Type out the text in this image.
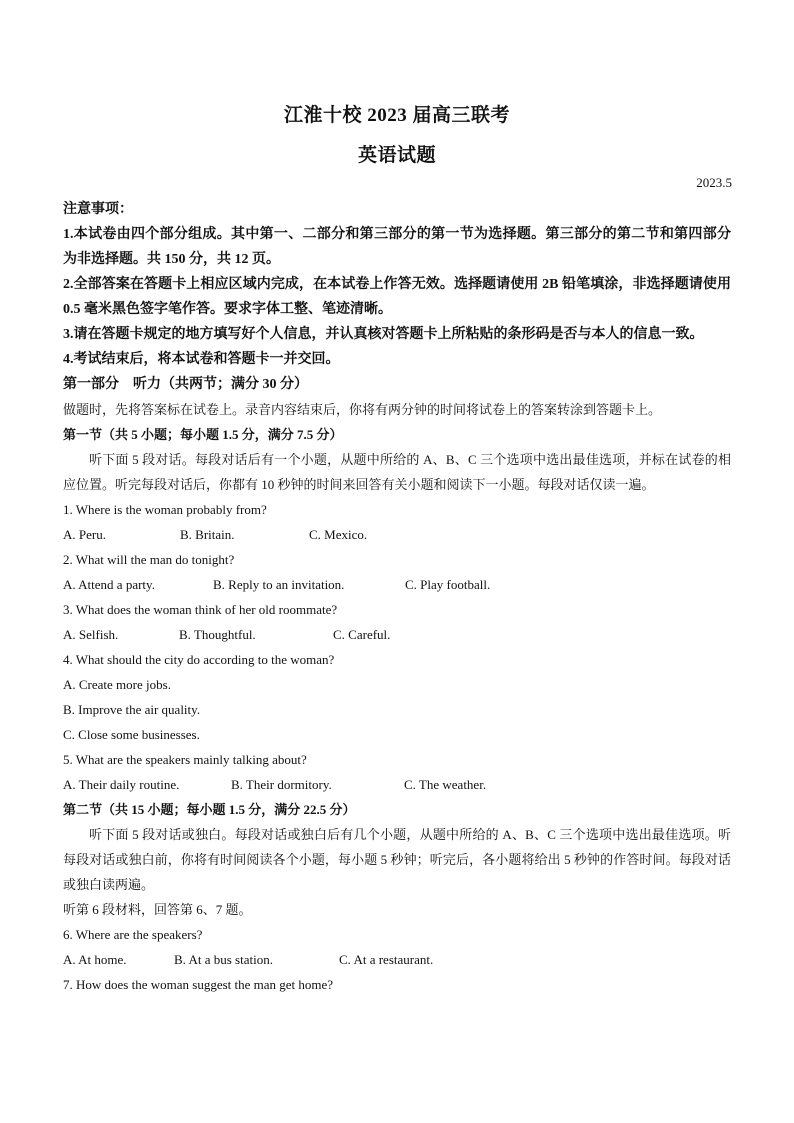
江淮十校 2023 届高三联考
英语试题
2023.5
注意事项：
1.本试卷由四个部分组成。其中第一、二部分和第三部分的第一节为选择题。第三部分的第二节和第四部分为非选择题。共 150 分，共 12 页。
2.全部答案在答题卡上相应区域内完成，在本试卷上作答无效。选择题请使用 2B 铅笔填涂，非选择题请使用 0.5 毫米黑色签字笔作答。要求字体工整、笔迹清晰。
3.请在答题卡规定的地方填写好个人信息，并认真核对答题卡上所粘贴的条形码是否与本人的信息一致。
4.考试结束后，将本试卷和答题卡一并交回。
第一部分　听力（共两节；满分 30 分）
做题时，先将答案标在试卷上。录音内容结束后，你将有两分钟的时间将试卷上的答案转涂到答题卡上。
第一节（共 5 小题；每小题 1.5 分，满分 7.5 分）
听下面 5 段对话。每段对话后有一个小题，从题中所给的 A、B、C 三个选项中选出最佳选项，并标在试卷的相应位置。听完每段对话后，你都有 10 秒钟的时间来回答有关小题和阅读下一小题。每段对话仅读一遍。
1. Where is the woman probably from?
A. Peru.	B. Britain.	C. Mexico.
2. What will the man do tonight?
A. Attend a party.	B. Reply to an invitation.	C. Play football.
3. What does the woman think of her old roommate?
A. Selfish.	B. Thoughtful.	C. Careful.
4. What should the city do according to the woman?
A. Create more jobs.
B. Improve the air quality.
C. Close some businesses.
5. What are the speakers mainly talking about?
A. Their daily routine.	B. Their dormitory.	C. The weather.
第二节（共 15 小题；每小题 1.5 分，满分 22.5 分）
听下面 5 段对话或独白。每段对话或独白后有几个小题，从题中所给的 A、B、C 三个选项中选出最佳选项。听每段对话或独白前，你将有时间阅读各个小题，每小题 5 秒钟；听完后，各小题将给出 5 秒钟的作答时间。每段对话或独白读两遍。
听第 6 段材料，回答第 6、7 题。
6. Where are the speakers?
A. At home.	B. At a bus station.	C. At a restaurant.
7. How does the woman suggest the man get home?
